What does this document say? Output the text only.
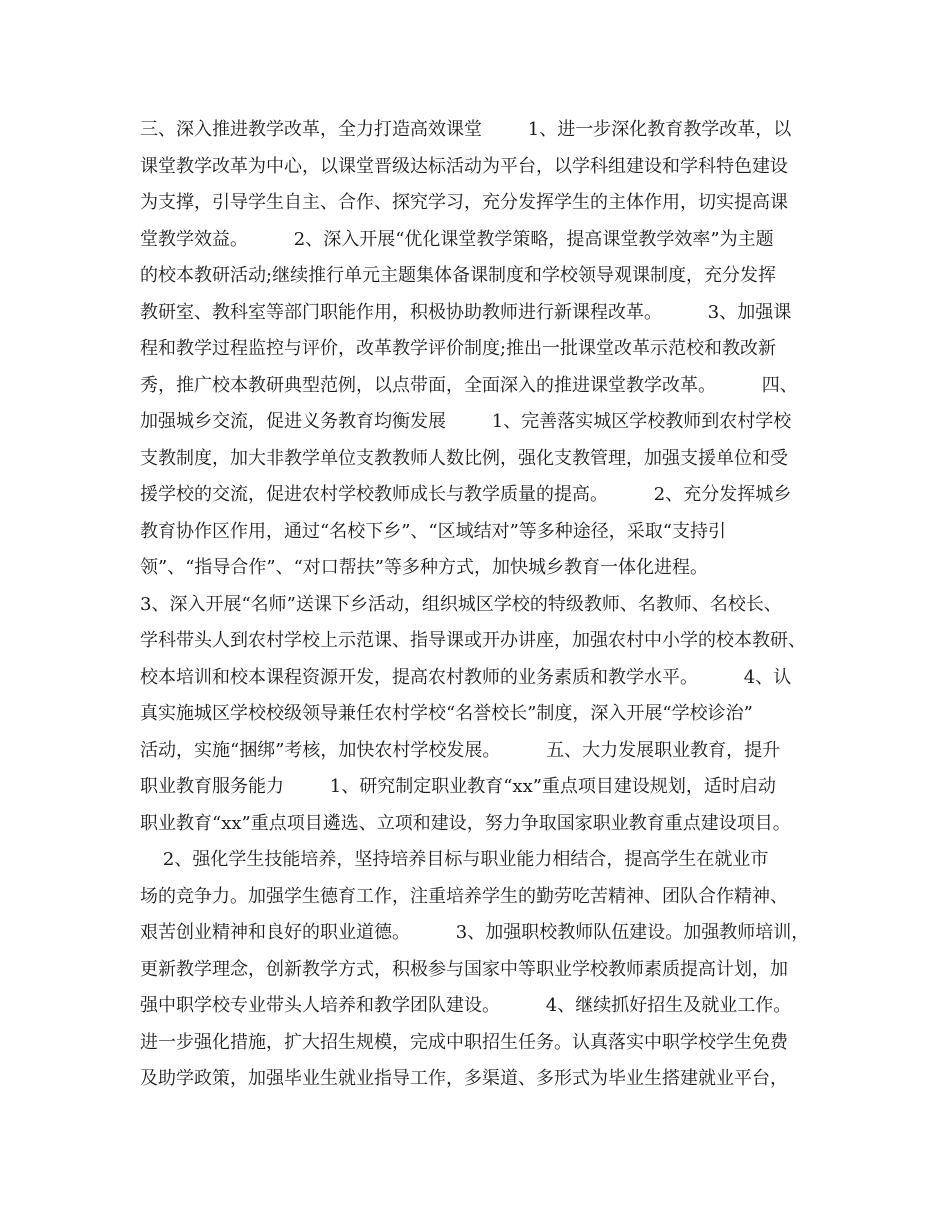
三、深入推进教学改革，全力打造高效课堂        1、进一步深化教育教学改革，以
课堂教学改革为中心，以课堂晋级达标活动为平台，以学科组建设和学科特色建设
为支撑，引导学生自主、合作、探究学习，充分发挥学生的主体作用，切实提高课
堂教学效益。        2、深入开展“优化课堂教学策略，提高课堂教学效率”为主题
的校本教研活动;继续推行单元主题集体备课制度和学校领导观课制度，充分发挥
教研室、教科室等部门职能作用，积极协助教师进行新课程改革。        3、加强课
程和教学过程监控与评价，改革教学评价制度;推出一批课堂改革示范校和教改新
秀，推广校本教研典型范例，以点带面，全面深入的推进课堂教学改革。        四、
加强城乡交流，促进义务教育均衡发展        1、完善落实城区学校教师到农村学校
支教制度，加大非教学单位支教教师人数比例，强化支教管理，加强支援单位和受
援学校的交流，促进农村学校教师成长与教学质量的提高。        2、充分发挥城乡
教育协作区作用，通过“名校下乡”、“区域结对”等多种途径，采取“支持引
领”、“指导合作”、“对口帮扶”等多种方式，加快城乡教育一体化进程。
3、深入开展“名师”送课下乡活动，组织城区学校的特级教师、名教师、名校长、
学科带头人到农村学校上示范课、指导课或开办讲座，加强农村中小学的校本教研、
校本培训和校本课程资源开发，提高农村教师的业务素质和教学水平。        4、认
真实施城区学校校级领导兼任农村学校“名誉校长”制度，深入开展“学校诊治”
活动，实施“捆绑”考核，加快农村学校发展。        五、大力发展职业教育，提升
职业教育服务能力        1、研究制定职业教育“xx”重点项目建设规划，适时启动
职业教育“xx”重点项目遴选、立项和建设，努力争取国家职业教育重点建设项目。
2、强化学生技能培养，坚持培养目标与职业能力相结合，提高学生在就业市
场的竞争力。加强学生德育工作，注重培养学生的勤劳吃苦精神、团队合作精神、
艰苦创业精神和良好的职业道德。        3、加强职校教师队伍建设。加强教师培训，
更新教学理念，创新教学方式，积极参与国家中等职业学校教师素质提高计划，加
强中职学校专业带头人培养和教学团队建设。        4、继续抓好招生及就业工作。
进一步强化措施，扩大招生规模，完成中职招生任务。认真落实中职学校学生免费
及助学政策，加强毕业生就业指导工作，多渠道、多形式为毕业生搭建就业平台，
